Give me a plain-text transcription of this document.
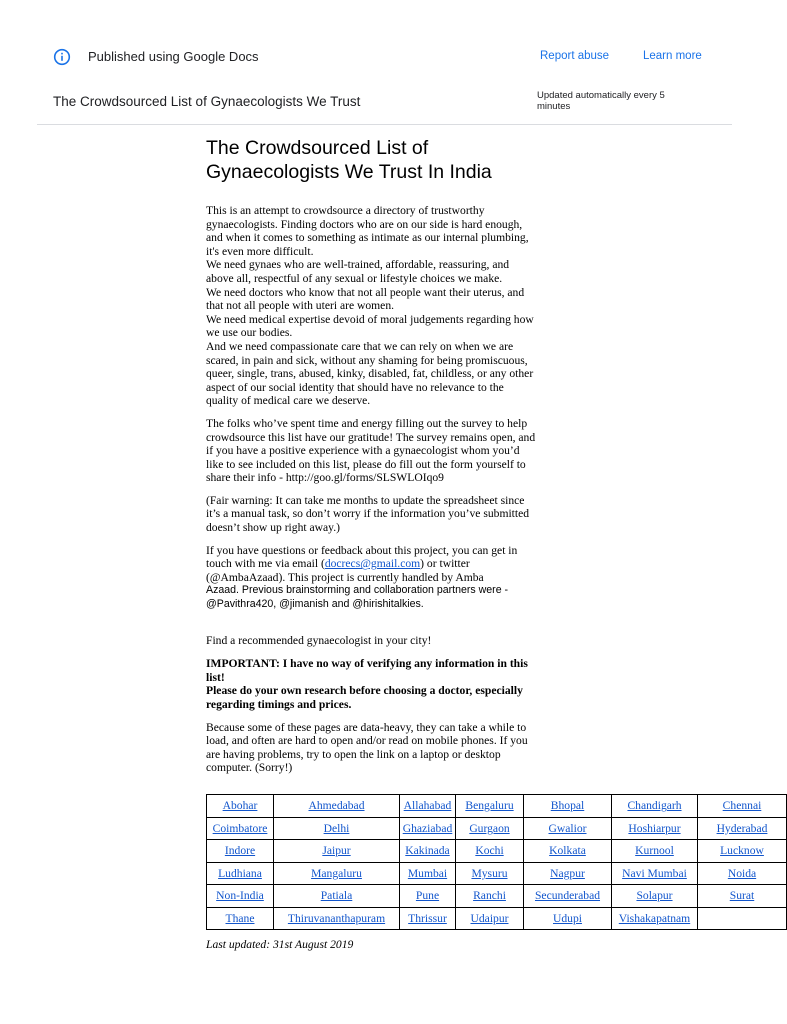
Published using Google Docs	Report abuse	Learn more
The Crowdsourced List of Gynaecologists We Trust	Updated automatically every 5 minutes
The Crowdsourced List of Gynaecologists We Trust In India
This is an attempt to crowdsource a directory of trustworthy
gynaecologists. Finding doctors who are on our side is hard enough,
and when it comes to something as intimate as our internal plumbing,
it's even more difficult.
We need gynaes who are well-trained, affordable, reassuring, and
above all, respectful of any sexual or lifestyle choices we make.
We need doctors who know that not all people want their uterus, and
that not all people with uteri are women.
We need medical expertise devoid of moral judgements regarding how
we use our bodies.
And we need compassionate care that we can rely on when we are
scared, in pain and sick, without any shaming for being promiscuous,
queer, single, trans, abused, kinky, disabled, fat, childless, or any other
aspect of our social identity that should have no relevance to the
quality of medical care we deserve.
The folks who’ve spent time and energy filling out the survey to help
crowdsource this list have our gratitude! The survey remains open, and
if you have a positive experience with a gynaecologist whom you’d
like to see included on this list, please do fill out the form yourself to
share their info - http://goo.gl/forms/SLSWLOIqo9
(Fair warning: It can take me months to update the spreadsheet since
it’s a manual task, so don’t worry if the information you’ve submitted
doesn’t show up right away.)
If you have questions or feedback about this project, you can get in
touch with me via email (docrecs@gmail.com) or twitter
(@AmbaAzaad). This project is currently handled by Amba
Azaad. Previous brainstorming and collaboration partners were -
@Pavithra420, @jimanish and @hirishitalkies.
Find a recommended gynaecologist in your city!
IMPORTANT: I have no way of verifying any information in this
list!
Please do your own research before choosing a doctor, especially
regarding timings and prices.
Because some of these pages are data-heavy, they can take a while to
load, and often are hard to open and/or read on mobile phones. If you
are having problems, try to open the link on a laptop or desktop
computer. (Sorry!)
Abohar	Ahmedabad	Allahabad	Bengaluru	Bhopal	Chandigarh	Chennai
Coimbatore	Delhi	Ghaziabad	Gurgaon	Gwalior	Hoshiarpur	Hyderabad
Indore	Jaipur	Kakinada	Kochi	Kolkata	Kurnool	Lucknow
Ludhiana	Mangaluru	Mumbai	Mysuru	Nagpur	Navi Mumbai	Noida
Non-India	Patiala	Pune	Ranchi	Secunderabad	Solapur	Surat
Thane	Thiruvananthapuram	Thrissur	Udaipur	Udupi	Vishakapatnam	
Last updated: 31st August 2019
